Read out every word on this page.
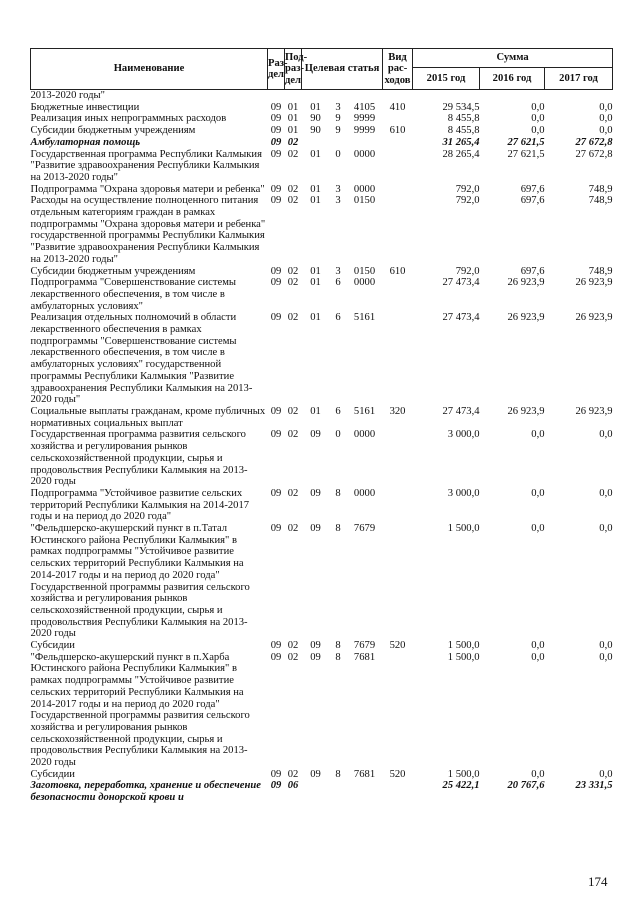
Наименование	Раз-дел	Под-раз-дел	Целевая статья			Вид рас-ходов	Сумма		
							2015 год	2016 год	2017 год
2013-2020 годы"									
Бюджетные инвестиции	09	01	01	3	4105	410	29 534,5	0,0	0,0
Реализация иных непрограммных расходов	09	01	90	9	9999		8 455,8	0,0	0,0
Субсидии бюджетным учреждениям	09	01	90	9	9999	610	8 455,8	0,0	0,0
Амбулаторная помощь	09	02					31 265,4	27 621,5	27 672,8
Государственная программа Республики Калмыкия "Развитие здравоохранения Республики Калмыкия на 2013-2020 годы"	09	02	01	0	0000		28 265,4	27 621,5	27 672,8
Подпрограмма "Охрана здоровья матери и ребенка"	09	02	01	3	0000		792,0	697,6	748,9
Расходы на осуществление полноценного питания отдельным категориям граждан в рамках подпрограммы "Охрана здоровья матери и ребенка" государственной программы Республики Калмыкия "Развитие здравоохранения Республики Калмыкия на 2013-2020 годы"	09	02	01	3	0150		792,0	697,6	748,9
Субсидии бюджетным учреждениям	09	02	01	3	0150	610	792,0	697,6	748,9
Подпрограмма "Совершенствование системы лекарственного обеспечения, в том числе в амбулаторных условиях"	09	02	01	6	0000		27 473,4	26 923,9	26 923,9
Реализация отдельных полномочий в области лекарственного обеспечения в рамках подпрограммы "Совершенствование системы лекарственного обеспечения, в том числе в амбулаторных условиях" государственной программы Республики Калмыкия "Развитие здравоохранения Республики Калмыкия на 2013-2020 годы"	09	02	01	6	5161		27 473,4	26 923,9	26 923,9
Социальные выплаты гражданам, кроме публичных нормативных социальных выплат	09	02	01	6	5161	320	27 473,4	26 923,9	26 923,9
Государственная программа развития сельского хозяйства и регулирования рынков сельскохозяйственной продукции, сырья и продовольствия Республики Калмыкия на 2013-2020 годы	09	02	09	0	0000		3 000,0	0,0	0,0
Подпрограмма "Устойчивое развитие сельских территорий Республики Калмыкия на 2014-2017 годы и на период до 2020 года"	09	02	09	8	0000		3 000,0	0,0	0,0
"Фельдшерско-акушерский пункт в п.Татал Юстинского района Республики Калмыкия" в рамках подпрограммы "Устойчивое развитие сельских территорий Республики Калмыкия на 2014-2017 годы и на период до 2020 года" Государственной программы развития сельского хозяйства и регулирования рынков сельскохозяйственной продукции, сырья и продовольствия Республики Калмыкия на 2013-2020 годы	09	02	09	8	7679		1 500,0	0,0	0,0
Субсидии	09	02	09	8	7679	520	1 500,0	0,0	0,0
"Фельдшерско-акушерский пункт в п.Харба Юстинского района Республики Калмыкия" в рамках подпрограммы "Устойчивое развитие сельских территорий Республики Калмыкия на 2014-2017 годы и на период до 2020 года" Государственной программы развития сельского хозяйства и регулирования рынков сельскохозяйственной продукции, сырья и продовольствия Республики Калмыкия на 2013-2020 годы	09	02	09	8	7681		1 500,0	0,0	0,0
Субсидии	09	02	09	8	7681	520	1 500,0	0,0	0,0
Заготовка, переработка, хранение и обеспечение безопасности донорской крови и	09	06					25 422,1	20 767,6	23 331,5
174
